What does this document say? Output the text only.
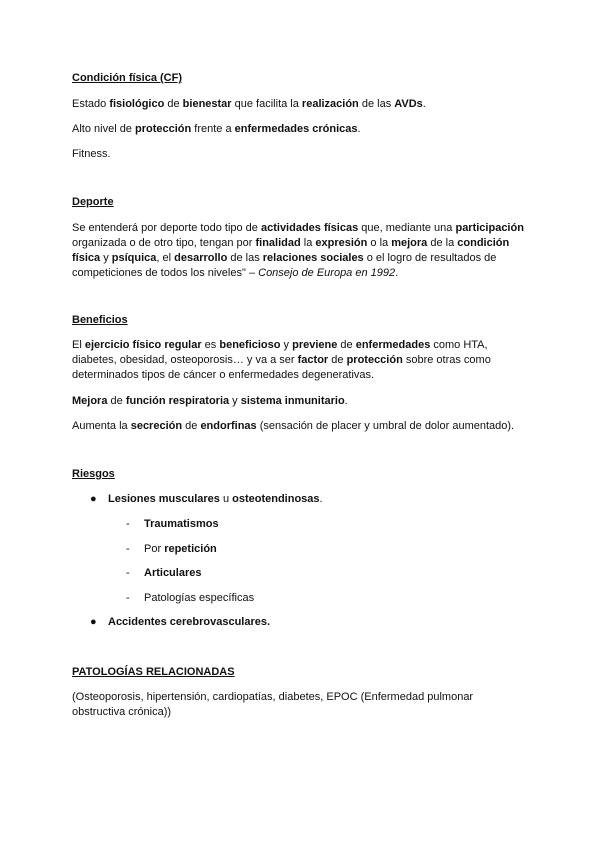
Condición física (CF)
Estado fisiológico de bienestar que facilita la realización de las AVDs.
Alto nivel de protección frente a enfermedades crónicas.
Fitness.
Deporte
Se entenderá por deporte todo tipo de actividades físicas que, mediante una participación organizada o de otro tipo, tengan por finalidad la expresión o la mejora de la condición física y psíquica, el desarrollo de las relaciones sociales o el logro de resultados de competiciones de todos los niveles" – Consejo de Europa en 1992.
Beneficios
El ejercicio físico regular es beneficioso y previene de enfermedades como HTA, diabetes, obesidad, osteoporosis… y va a ser factor de protección sobre otras como determinados tipos de cáncer o enfermedades degenerativas.
Mejora de función respiratoria y sistema inmunitario.
Aumenta la secreción de endorfinas (sensación de placer y umbral de dolor aumentado).
Riesgos
● Lesiones musculares u osteotendinosas.
- Traumatismos
- Por repetición
- Articulares
- Patologías específicas
● Accidentes cerebrovasculares.
PATOLOGÍAS RELACIONADAS
(Osteoporosis, hipertensión, cardiopatías, diabetes, EPOC (Enfermedad pulmonar obstructiva crónica))
